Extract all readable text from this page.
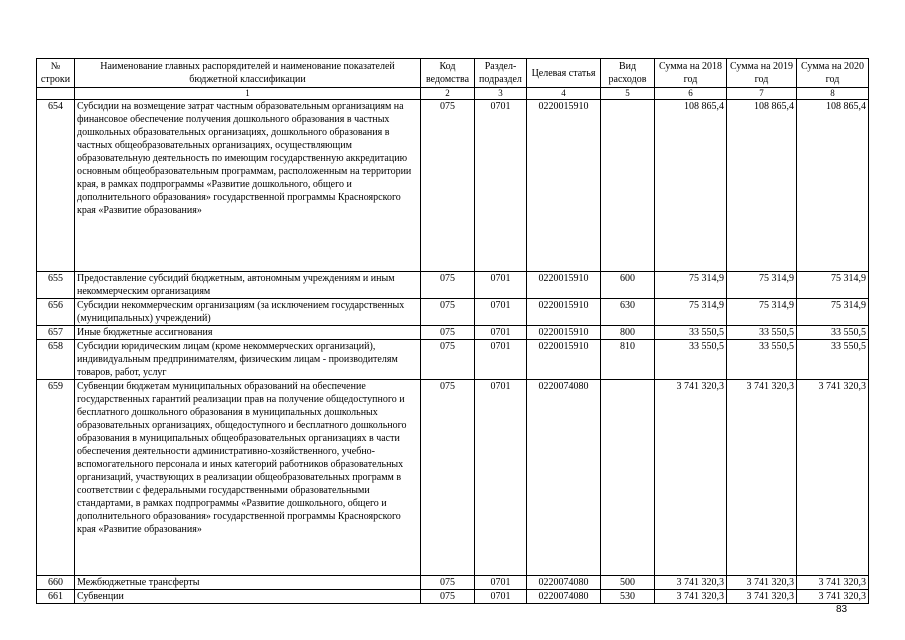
№ строки	Наименование главных распорядителей и наименование показателей бюджетной классификации	Код ведомства	Раздел-подраздел	Целевая статья	Вид расходов	Сумма на 2018 год	Сумма на 2019 год	Сумма на 2020 год
	1	2	3	4	5	6	7	8
654	Субсидии на возмещение затрат частным образовательным организациям на финансовое обеспечение получения дошкольного образования в частных дошкольных образовательных организациях, дошкольного образования в частных общеобразовательных организациях, осуществляющим образовательную деятельность по имеющим государственную аккредитацию основным общеобразовательным программам, расположенным на территории края, в рамках подпрограммы «Развитие дошкольного, общего и дополнительного образования» государственной программы Красноярского края «Развитие образования»	075	0701	0220015910		108 865,4	108 865,4	108 865,4
655	Предоставление субсидий бюджетным, автономным учреждениям и иным некоммерческим организациям	075	0701	0220015910	600	75 314,9	75 314,9	75 314,9
656	Субсидии некоммерческим организациям (за исключением государственных (муниципальных) учреждений)	075	0701	0220015910	630	75 314,9	75 314,9	75 314,9
657	Иные бюджетные ассигнования	075	0701	0220015910	800	33 550,5	33 550,5	33 550,5
658	Субсидии юридическим лицам (кроме некоммерческих организаций), индивидуальным предпринимателям, физическим лицам - производителям товаров, работ, услуг	075	0701	0220015910	810	33 550,5	33 550,5	33 550,5
659	Субвенции бюджетам муниципальных образований на обеспечение государственных гарантий реализации прав на получение общедоступного и бесплатного дошкольного образования в муниципальных дошкольных образовательных организациях, общедоступного и бесплатного дошкольного образования в муниципальных общеобразовательных организациях в части обеспечения деятельности административно-хозяйственного, учебно-вспомогательного персонала и иных категорий работников образовательных организаций, участвующих в реализации общеобразовательных программ в соответствии с федеральными государственными образовательными стандартами, в рамках подпрограммы «Развитие дошкольного, общего и дополнительного образования» государственной программы Красноярского края «Развитие образования»	075	0701	0220074080		3 741 320,3	3 741 320,3	3 741 320,3
660	Межбюджетные трансферты	075	0701	0220074080	500	3 741 320,3	3 741 320,3	3 741 320,3
661	Субвенции	075	0701	0220074080	530	3 741 320,3	3 741 320,3	3 741 320,3
83
